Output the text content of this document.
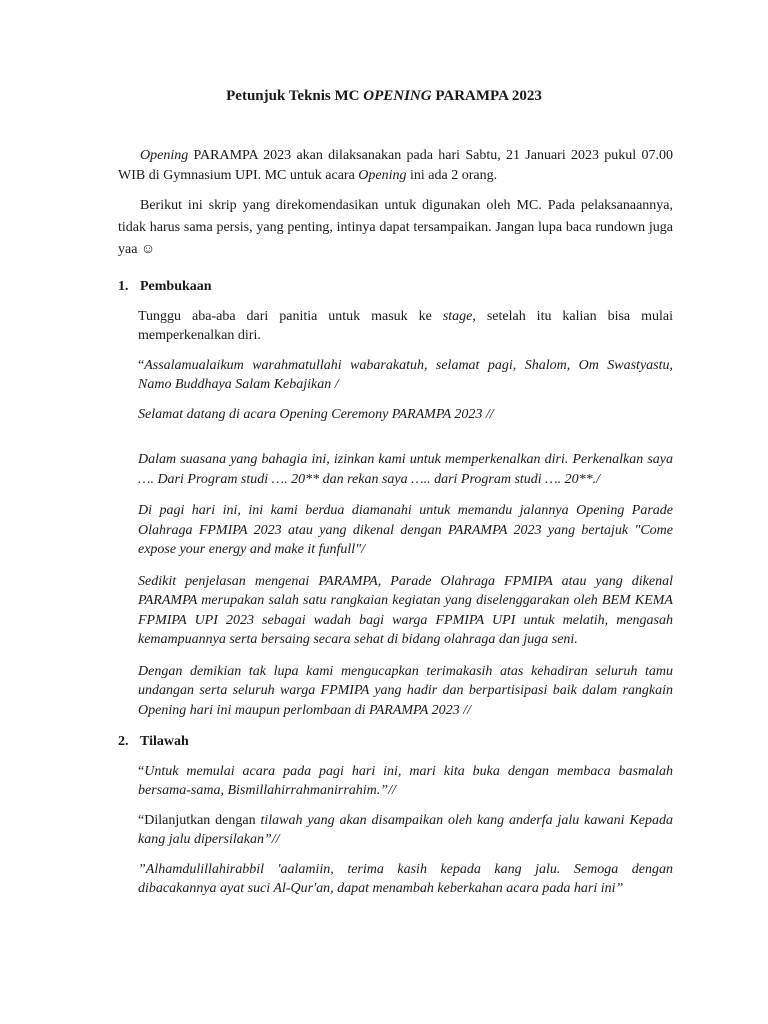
Petunjuk Teknis MC OPENING PARAMPA 2023

Opening PARAMPA 2023 akan dilaksanakan pada hari Sabtu, 21 Januari 2023 pukul 07.00 WIB di Gymnasium UPI. MC untuk acara Opening ini ada 2 orang.

Berikut ini skrip yang direkomendasikan untuk digunakan oleh MC. Pada pelaksanaannya, tidak harus sama persis, yang penting, intinya dapat tersampaikan. Jangan lupa baca rundown juga yaa ☺

1. Pembukaan

Tunggu aba-aba dari panitia untuk masuk ke stage, setelah itu kalian bisa mulai memperkenalkan diri.

“Assalamualaikum warahmatullahi wabarakatuh, selamat pagi, Shalom, Om Swastyastu, Namo Buddhaya Salam Kebajikan /

Selamat datang di acara Opening Ceremony PARAMPA 2023 //

Dalam suasana yang bahagia ini, izinkan kami untuk memperkenalkan diri. Perkenalkan saya …. Dari Program studi …. 20** dan rekan saya ….. dari Program studi …. 20**./

Di pagi hari ini, ini kami berdua diamanahi untuk memandu jalannya Opening Parade Olahraga FPMIPA 2023 atau yang dikenal dengan PARAMPA 2023 yang bertajuk "Come expose your energy and make it funfull"/

Sedikit penjelasan mengenai PARAMPA, Parade Olahraga FPMIPA atau yang dikenal PARAMPA merupakan salah satu rangkaian kegiatan yang diselenggarakan oleh BEM KEMA FPMIPA UPI 2023 sebagai wadah bagi warga FPMIPA UPI untuk melatih, mengasah kemampuannya serta bersaing secara sehat di bidang olahraga dan juga seni.

Dengan demikian tak lupa kami mengucapkan terimakasih atas kehadiran seluruh tamu undangan serta seluruh warga FPMIPA yang hadir dan berpartisipasi baik dalam rangkain Opening hari ini maupun perlombaan di PARAMPA 2023 //

2. Tilawah

“Untuk memulai acara pada pagi hari ini, mari kita buka dengan membaca basmalah bersama-sama, Bismillahirrahmanirrahim.”//

“Dilanjutkan dengan tilawah yang akan disampaikan oleh kang anderfa jalu kawani Kepada kang jalu dipersilakan”//

”Alhamdulillahirabbil 'aalamiin, terima kasih kepada kang jalu. Semoga dengan dibacakannya ayat suci Al-Qur'an, dapat menambah keberkahan acara pada hari ini”
